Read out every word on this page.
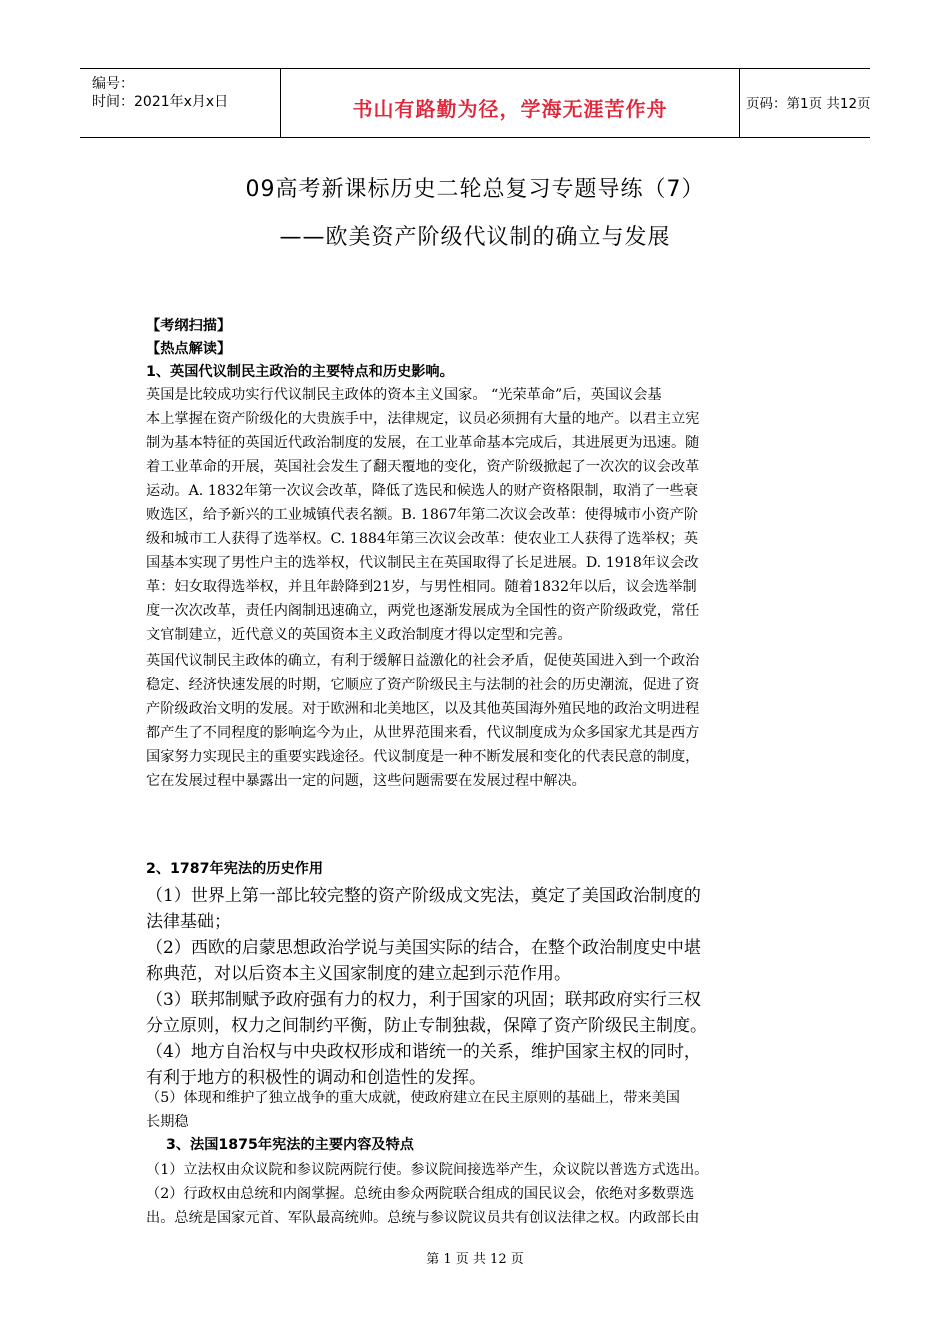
编号：
时间：2021年x月x日	书山有路勤为径，学海无涯苦作舟	页码：第1页 共12页
09高考新课标历史二轮总复习专题导练（7）
——欧美资产阶级代议制的确立与发展
【考纲扫描】
【热点解读】
1、英国代议制民主政治的主要特点和历史影响。
英国是比较成功实行代议制民主政体的资本主义国家。 “光荣革命”后，英国议会基
本上掌握在资产阶级化的大贵族手中，法律规定，议员必须拥有大量的地产。以君主立宪
制为基本特征的英国近代政治制度的发展，在工业革命基本完成后，其进展更为迅速。随
着工业革命的开展，英国社会发生了翻天覆地的变化，资产阶级掀起了一次次的议会改革
运动。A. 1832年第一次议会改革，降低了选民和候选人的财产资格限制，取消了一些衰
败选区，给予新兴的工业城镇代表名额。B. 1867年第二次议会改革：使得城市小资产阶
级和城市工人获得了选举权。C. 1884年第三次议会改革：使农业工人获得了选举权；英
国基本实现了男性户主的选举权，代议制民主在英国取得了长足进展。D. 1918年议会改
革：妇女取得选举权，并且年龄降到21岁，与男性相同。随着1832年以后，议会选举制
度一次次改革，责任内阁制迅速确立，两党也逐渐发展成为全国性的资产阶级政党，常任
文官制建立，近代意义的英国资本主义政治制度才得以定型和完善。
英国代议制民主政体的确立，有利于缓解日益激化的社会矛盾，促使英国进入到一个政治
稳定、经济快速发展的时期，它顺应了资产阶级民主与法制的社会的历史潮流，促进了资
产阶级政治文明的发展。对于欧洲和北美地区，以及其他英国海外殖民地的政治文明进程
都产生了不同程度的影响迄今为止，从世界范围来看，代议制度成为众多国家尤其是西方
国家努力实现民主的重要实践途径。代议制度是一种不断发展和变化的代表民意的制度，
它在发展过程中暴露出一定的问题，这些问题需要在发展过程中解决。
2、1787年宪法的历史作用
（1）世界上第一部比较完整的资产阶级成文宪法，奠定了美国政治制度的
法律基础；
（2）西欧的启蒙思想政治学说与美国实际的结合，在整个政治制度史中堪
称典范，对以后资本主义国家制度的建立起到示范作用。
（3）联邦制赋予政府强有力的权力，利于国家的巩固；联邦政府实行三权
分立原则，权力之间制约平衡，防止专制独裁，保障了资产阶级民主制度。
（4）地方自治权与中央政权形成和谐统一的关系，维护国家主权的同时，
有利于地方的积极性的调动和创造性的发挥。
（5）体现和维护了独立战争的重大成就，使政府建立在民主原则的基础上，带来美国
长期稳
3、法国1875年宪法的主要内容及特点
（1）立法权由众议院和参议院两院行使。参议院间接选举产生，众议院以普选方式选出。
（2）行政权由总统和内阁掌握。总统由参众两院联合组成的国民议会，依绝对多数票选
出。总统是国家元首、军队最高统帅。总统与参议院议员共有创议法律之权。内政部长由
第 1 页 共 12 页
